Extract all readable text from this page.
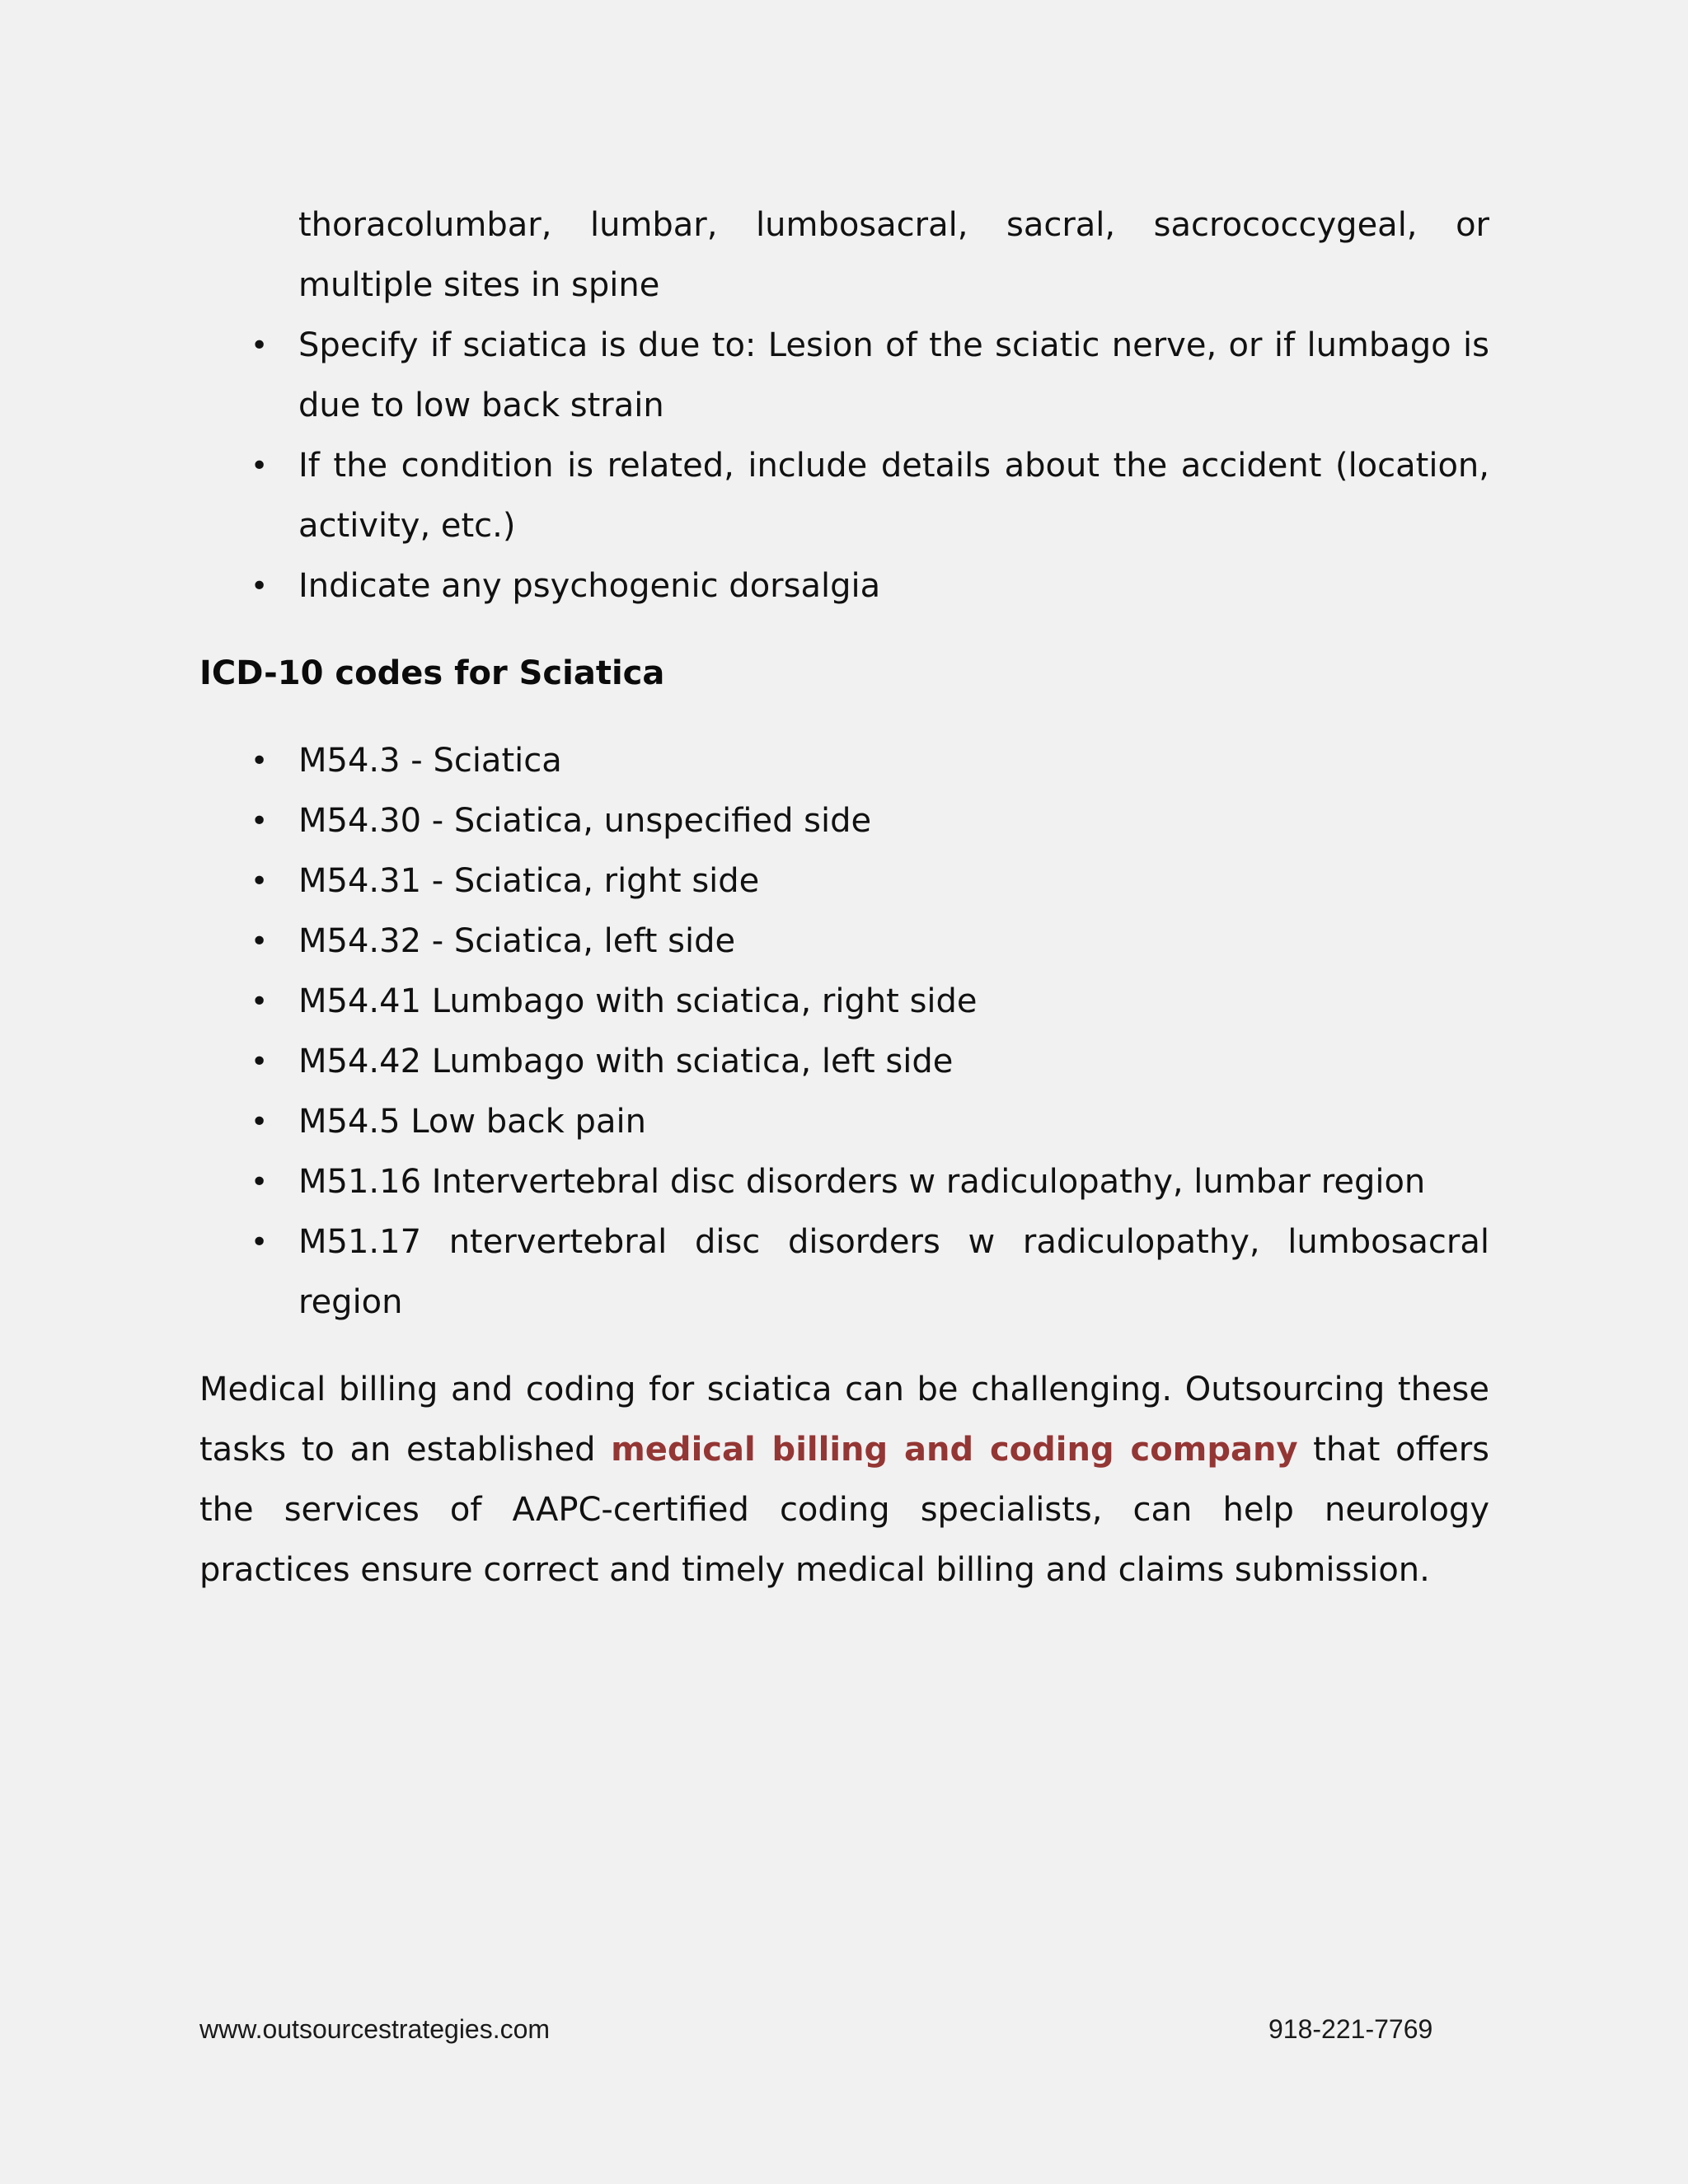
thoracolumbar, lumbar, lumbosacral, sacral, sacrococcygeal, or multiple sites in spine
• Specify if sciatica is due to: Lesion of the sciatic nerve, or if lumbago is due to low back strain
• If the condition is related, include details about the accident (location, activity, etc.)
• Indicate any psychogenic dorsalgia
ICD-10 codes for Sciatica
• M54.3 - Sciatica
• M54.30 - Sciatica, unspecified side
• M54.31 - Sciatica, right side
• M54.32 - Sciatica, left side
• M54.41 Lumbago with sciatica, right side
• M54.42 Lumbago with sciatica, left side
• M54.5 Low back pain
• M51.16 Intervertebral disc disorders w radiculopathy, lumbar region
• M51.17 ntervertebral disc disorders w radiculopathy, lumbosacral region
Medical billing and coding for sciatica can be challenging. Outsourcing these tasks to an established medical billing and coding company that offers the services of AAPC-certified coding specialists, can help neurology practices ensure correct and timely medical billing and claims submission.
www.outsourcestrategies.com	918-221-7769
